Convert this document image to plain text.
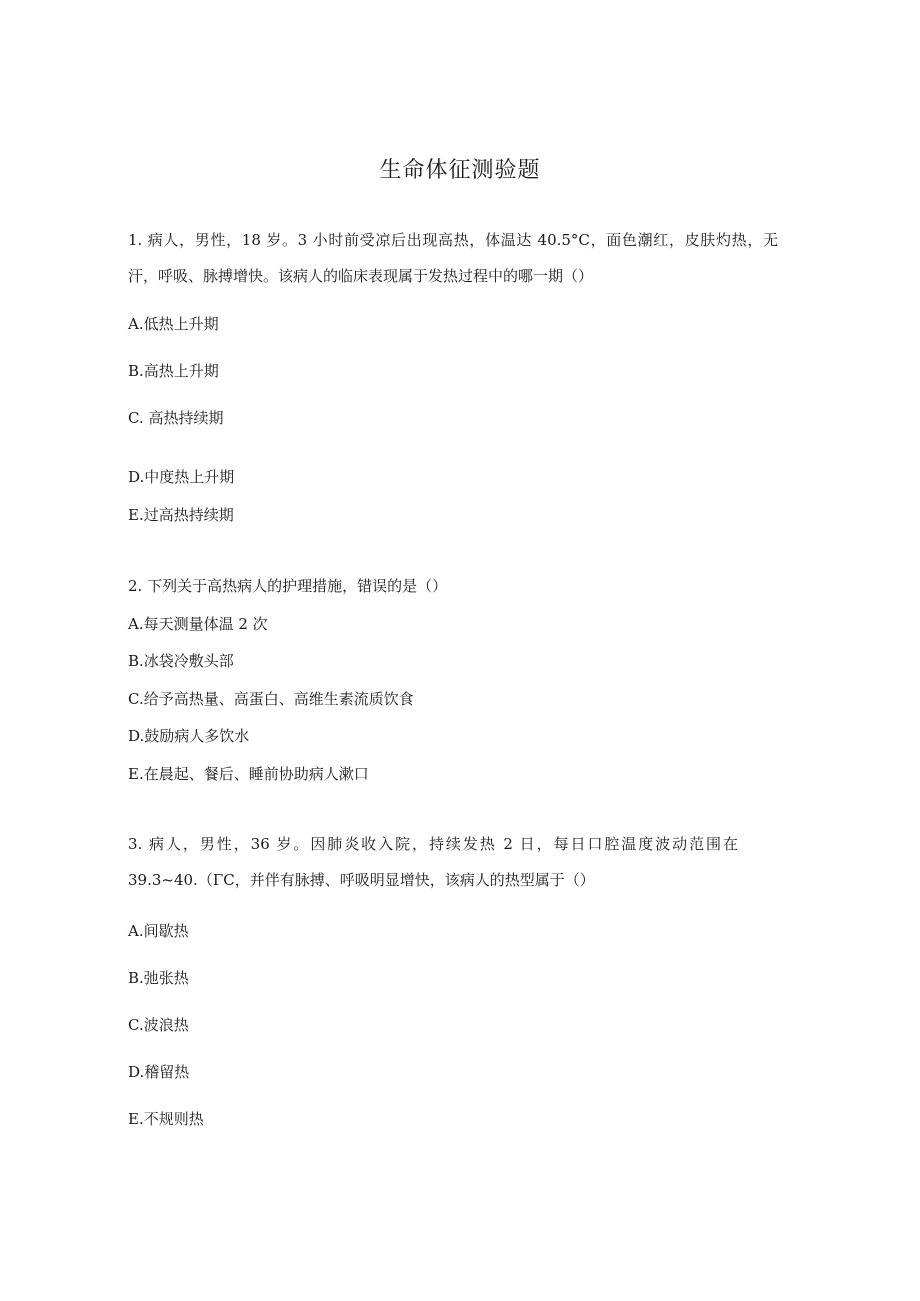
生命体征测验题
1. 病人，男性，18 岁。3 小时前受凉后出现高热，体温达 40.5°C，面色潮红，皮肤灼热，无汗，呼吸、脉搏增快。该病人的临床表现属于发热过程中的哪一期（）
A.低热上升期
B.高热上升期
C. 高热持续期
D.中度热上升期
E.过高热持续期
2. 下列关于高热病人的护理措施，错误的是（）
A.每天测量体温 2 次
B.冰袋冷敷头部
C.给予高热量、高蛋白、高维生素流质饮食
D.鼓励病人多饮水
E.在晨起、餐后、睡前协助病人漱口
3. 病人，男性，36 岁。因肺炎收入院，持续发热 2 日，每日口腔温度波动范围在 39.3~40.（ΓC，并伴有脉搏、呼吸明显增快，该病人的热型属于（）
A.间歇热
B.弛张热
C.波浪热
D.稽留热
E.不规则热
